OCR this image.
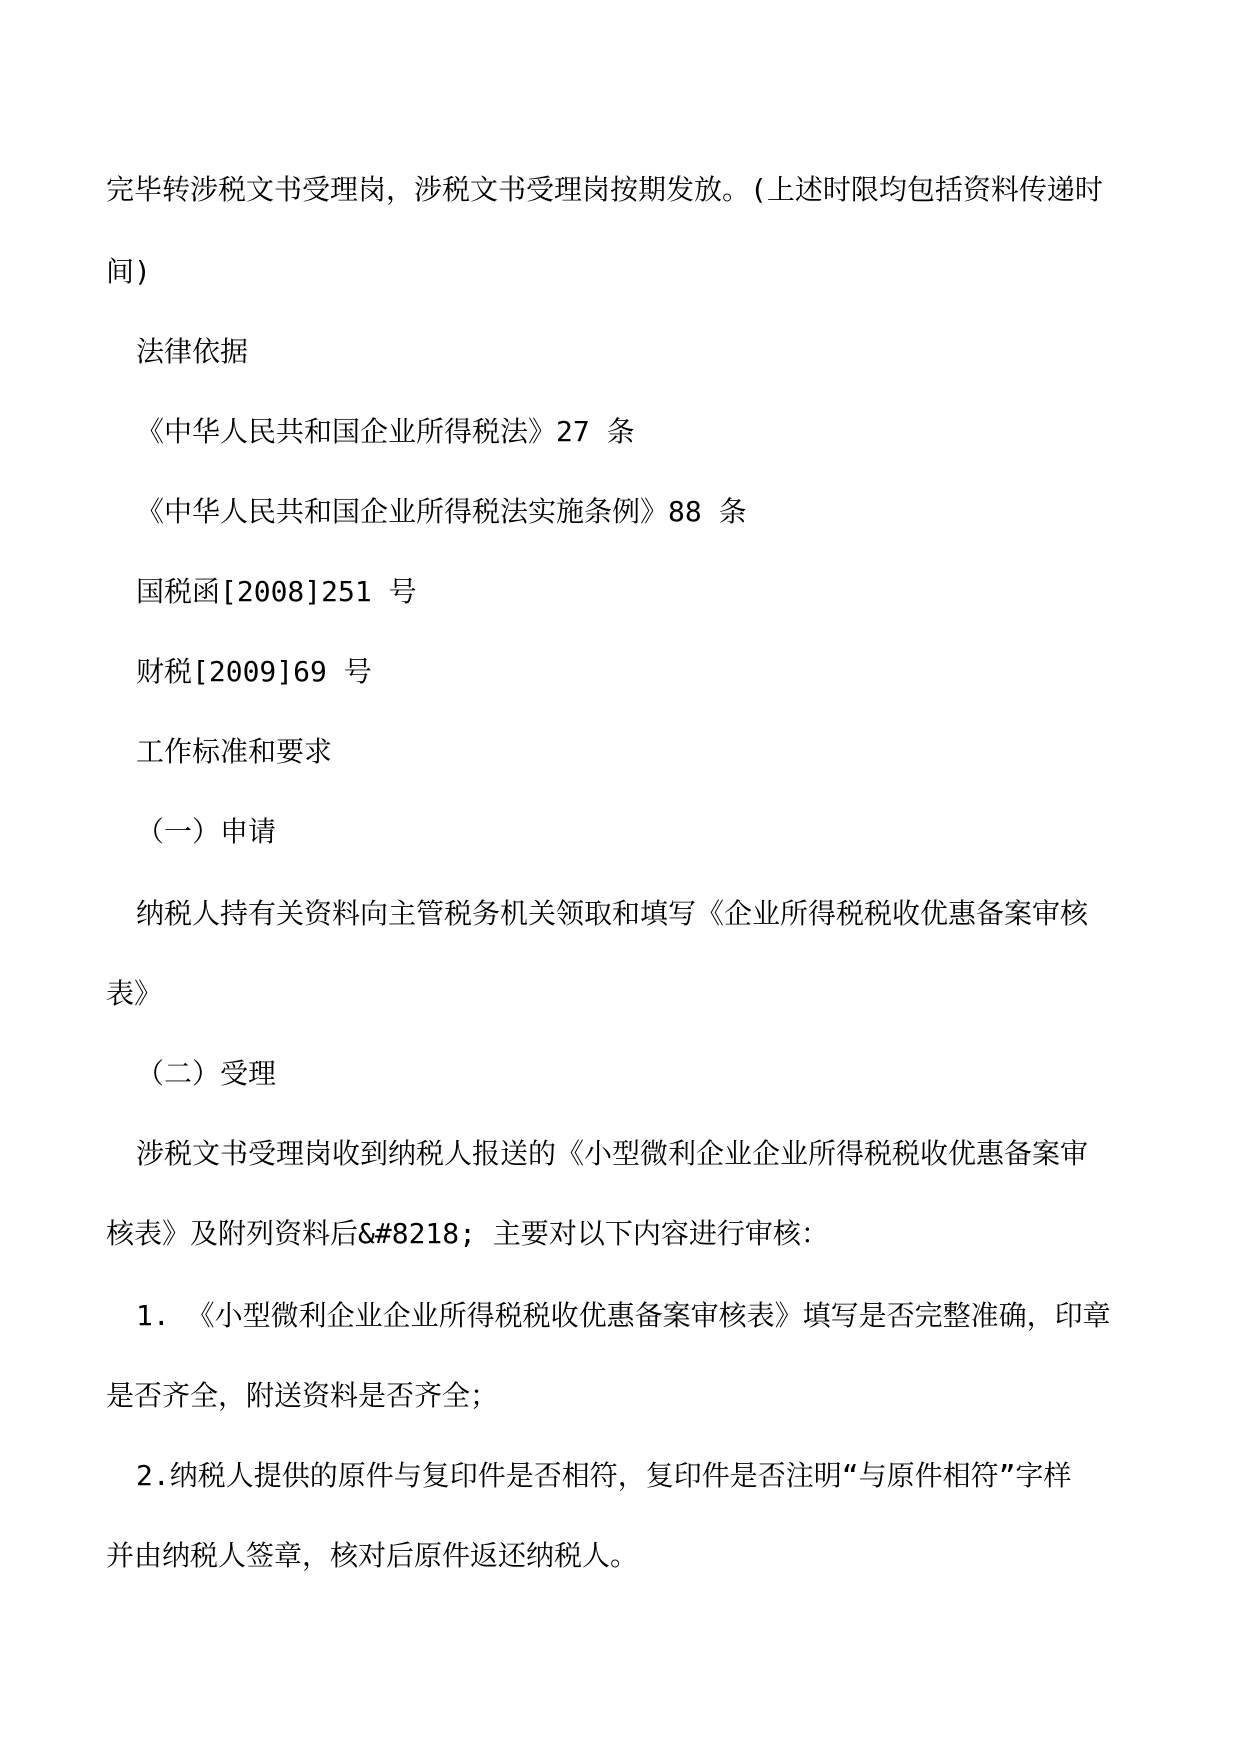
完毕转涉税文书受理岗，涉税文书受理岗按期发放。(上述时限均包括资料传递时
间)
法律依据
《中华人民共和国企业所得税法》27 条
《中华人民共和国企业所得税法实施条例》88 条
国税函[2008]251 号
财税[2009]69 号
工作标准和要求
（一）申请
纳税人持有关资料向主管税务机关领取和填写《企业所得税税收优惠备案审核
表》
（二）受理
涉税文书受理岗收到纳税人报送的《小型微利企业企业所得税税收优惠备案审
核表》及附列资料后&#8218; 主要对以下内容进行审核：
1. 《小型微利企业企业所得税税收优惠备案审核表》填写是否完整准确，印章
是否齐全，附送资料是否齐全；
2.纳税人提供的原件与复印件是否相符，复印件是否注明“与原件相符”字样
并由纳税人签章，核对后原件返还纳税人。
